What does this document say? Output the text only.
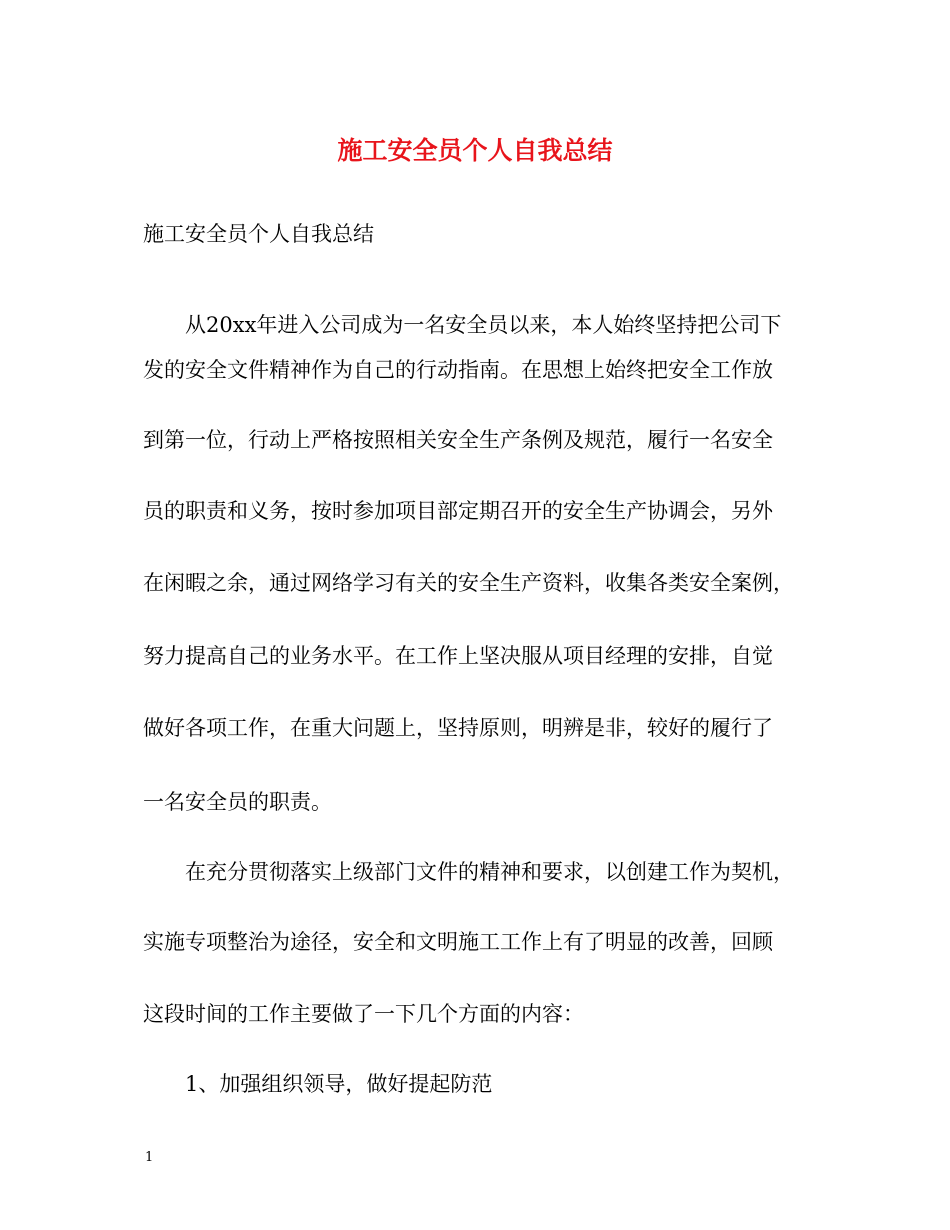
施工安全员个人自我总结

施工安全员个人自我总结

从20xx年进入公司成为一名安全员以来，本人始终坚持把公司下

发的安全文件精神作为自己的行动指南。在思想上始终把安全工作放

到第一位，行动上严格按照相关安全生产条例及规范，履行一名安全

员的职责和义务，按时参加项目部定期召开的安全生产协调会，另外

在闲暇之余，通过网络学习有关的安全生产资料，收集各类安全案例，

努力提高自己的业务水平。在工作上坚决服从项目经理的安排，自觉

做好各项工作，在重大问题上，坚持原则，明辨是非，较好的履行了

一名安全员的职责。

在充分贯彻落实上级部门文件的精神和要求，以创建工作为契机，

实施专项整治为途径，安全和文明施工工作上有了明显的改善，回顾

这段时间的工作主要做了一下几个方面的内容：

1、加强组织领导，做好提起防范

1
